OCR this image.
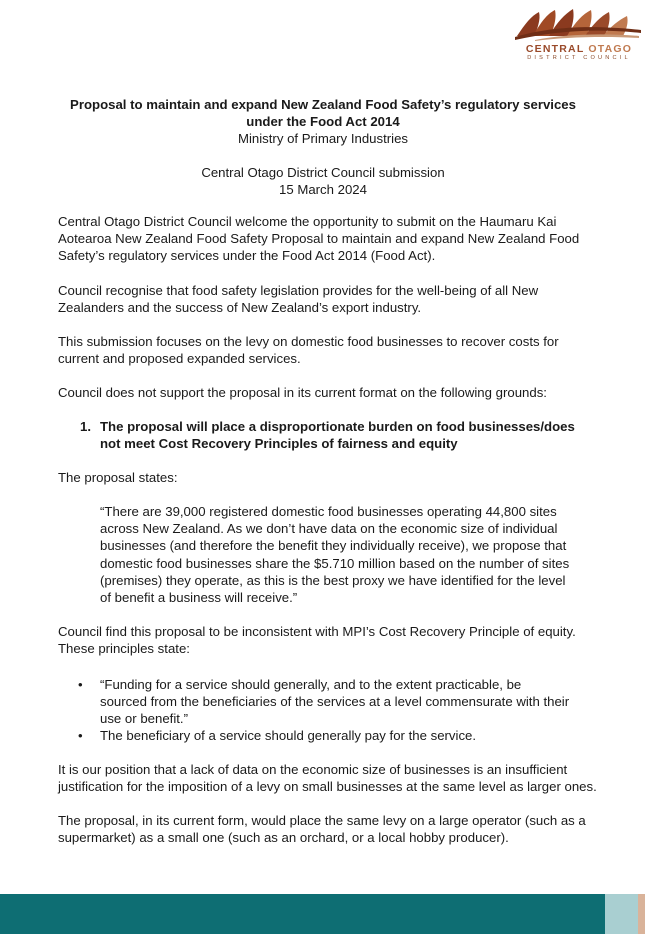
CENTRAL OTAGO
DISTRICT COUNCIL
Proposal to maintain and expand New Zealand Food Safety’s regulatory services
under the Food Act 2014
Ministry of Primary Industries
Central Otago District Council submission
15 March 2024

Central Otago District Council welcome the opportunity to submit on the Haumaru Kai Aotearoa New Zealand Food Safety Proposal to maintain and expand New Zealand Food Safety’s regulatory services under the Food Act 2014 (Food Act).

Council recognise that food safety legislation provides for the well-being of all New Zealanders and the success of New Zealand’s export industry.

This submission focuses on the levy on domestic food businesses to recover costs for current and proposed expanded services.

Council does not support the proposal in its current format on the following grounds:

1. The proposal will place a disproportionate burden on food businesses/does not meet Cost Recovery Principles of fairness and equity

The proposal states:

“There are 39,000 registered domestic food businesses operating 44,800 sites across New Zealand. As we don’t have data on the economic size of individual businesses (and therefore the benefit they individually receive), we propose that domestic food businesses share the $5.710 million based on the number of sites (premises) they operate, as this is the best proxy we have identified for the level of benefit a business will receive.”

Council find this proposal to be inconsistent with MPI’s Cost Recovery Principle of equity. These principles state:

• “Funding for a service should generally, and to the extent practicable, be sourced from the beneficiaries of the services at a level commensurate with their use or benefit.”
• The beneficiary of a service should generally pay for the service.

It is our position that a lack of data on the economic size of businesses is an insufficient justification for the imposition of a levy on small businesses at the same level as larger ones.

The proposal, in its current form, would place the same levy on a large operator (such as a supermarket) as a small one (such as an orchard, or a local hobby producer).
